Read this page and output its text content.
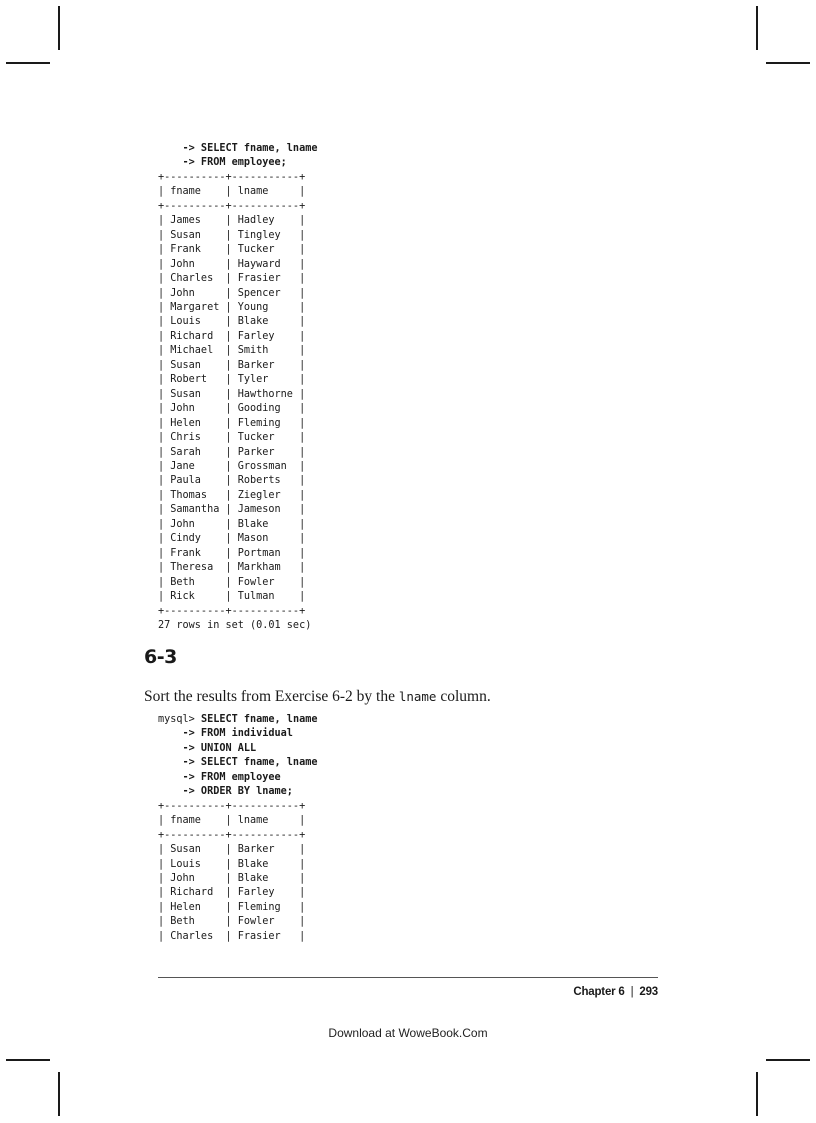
-> SELECT fname, lname
-> FROM employee;
+----------+-----------+
| fname    | lname     |
+----------+-----------+
| James    | Hadley    |
| Susan    | Tingley   |
| Frank    | Tucker    |
| John     | Hayward   |
| Charles  | Frasier   |
| John     | Spencer   |
| Margaret | Young     |
| Louis    | Blake     |
| Richard  | Farley    |
| Michael  | Smith     |
| Susan    | Barker    |
| Robert   | Tyler     |
| Susan    | Hawthorne |
| John     | Gooding   |
| Helen    | Fleming   |
| Chris    | Tucker    |
| Sarah    | Parker    |
| Jane     | Grossman  |
| Paula    | Roberts   |
| Thomas   | Ziegler   |
| Samantha | Jameson   |
| John     | Blake     |
| Cindy    | Mason     |
| Frank    | Portman   |
| Theresa  | Markham   |
| Beth     | Fowler    |
| Rick     | Tulman    |
+----------+-----------+
27 rows in set (0.01 sec)
6-3

Sort the results from Exercise 6-2 by the lname column.

mysql> SELECT fname, lname
-> FROM individual
-> UNION ALL
-> SELECT fname, lname
-> FROM employee
-> ORDER BY lname;
+----------+-----------+
| fname    | lname     |
+----------+-----------+
| Susan    | Barker    |
| Louis    | Blake     |
| John     | Blake     |
| Richard  | Farley    |
| Helen    | Fleming   |
| Beth     | Fowler    |
| Charles  | Frasier   |
Chapter 6 | 293
Download at WoweBook.Com
